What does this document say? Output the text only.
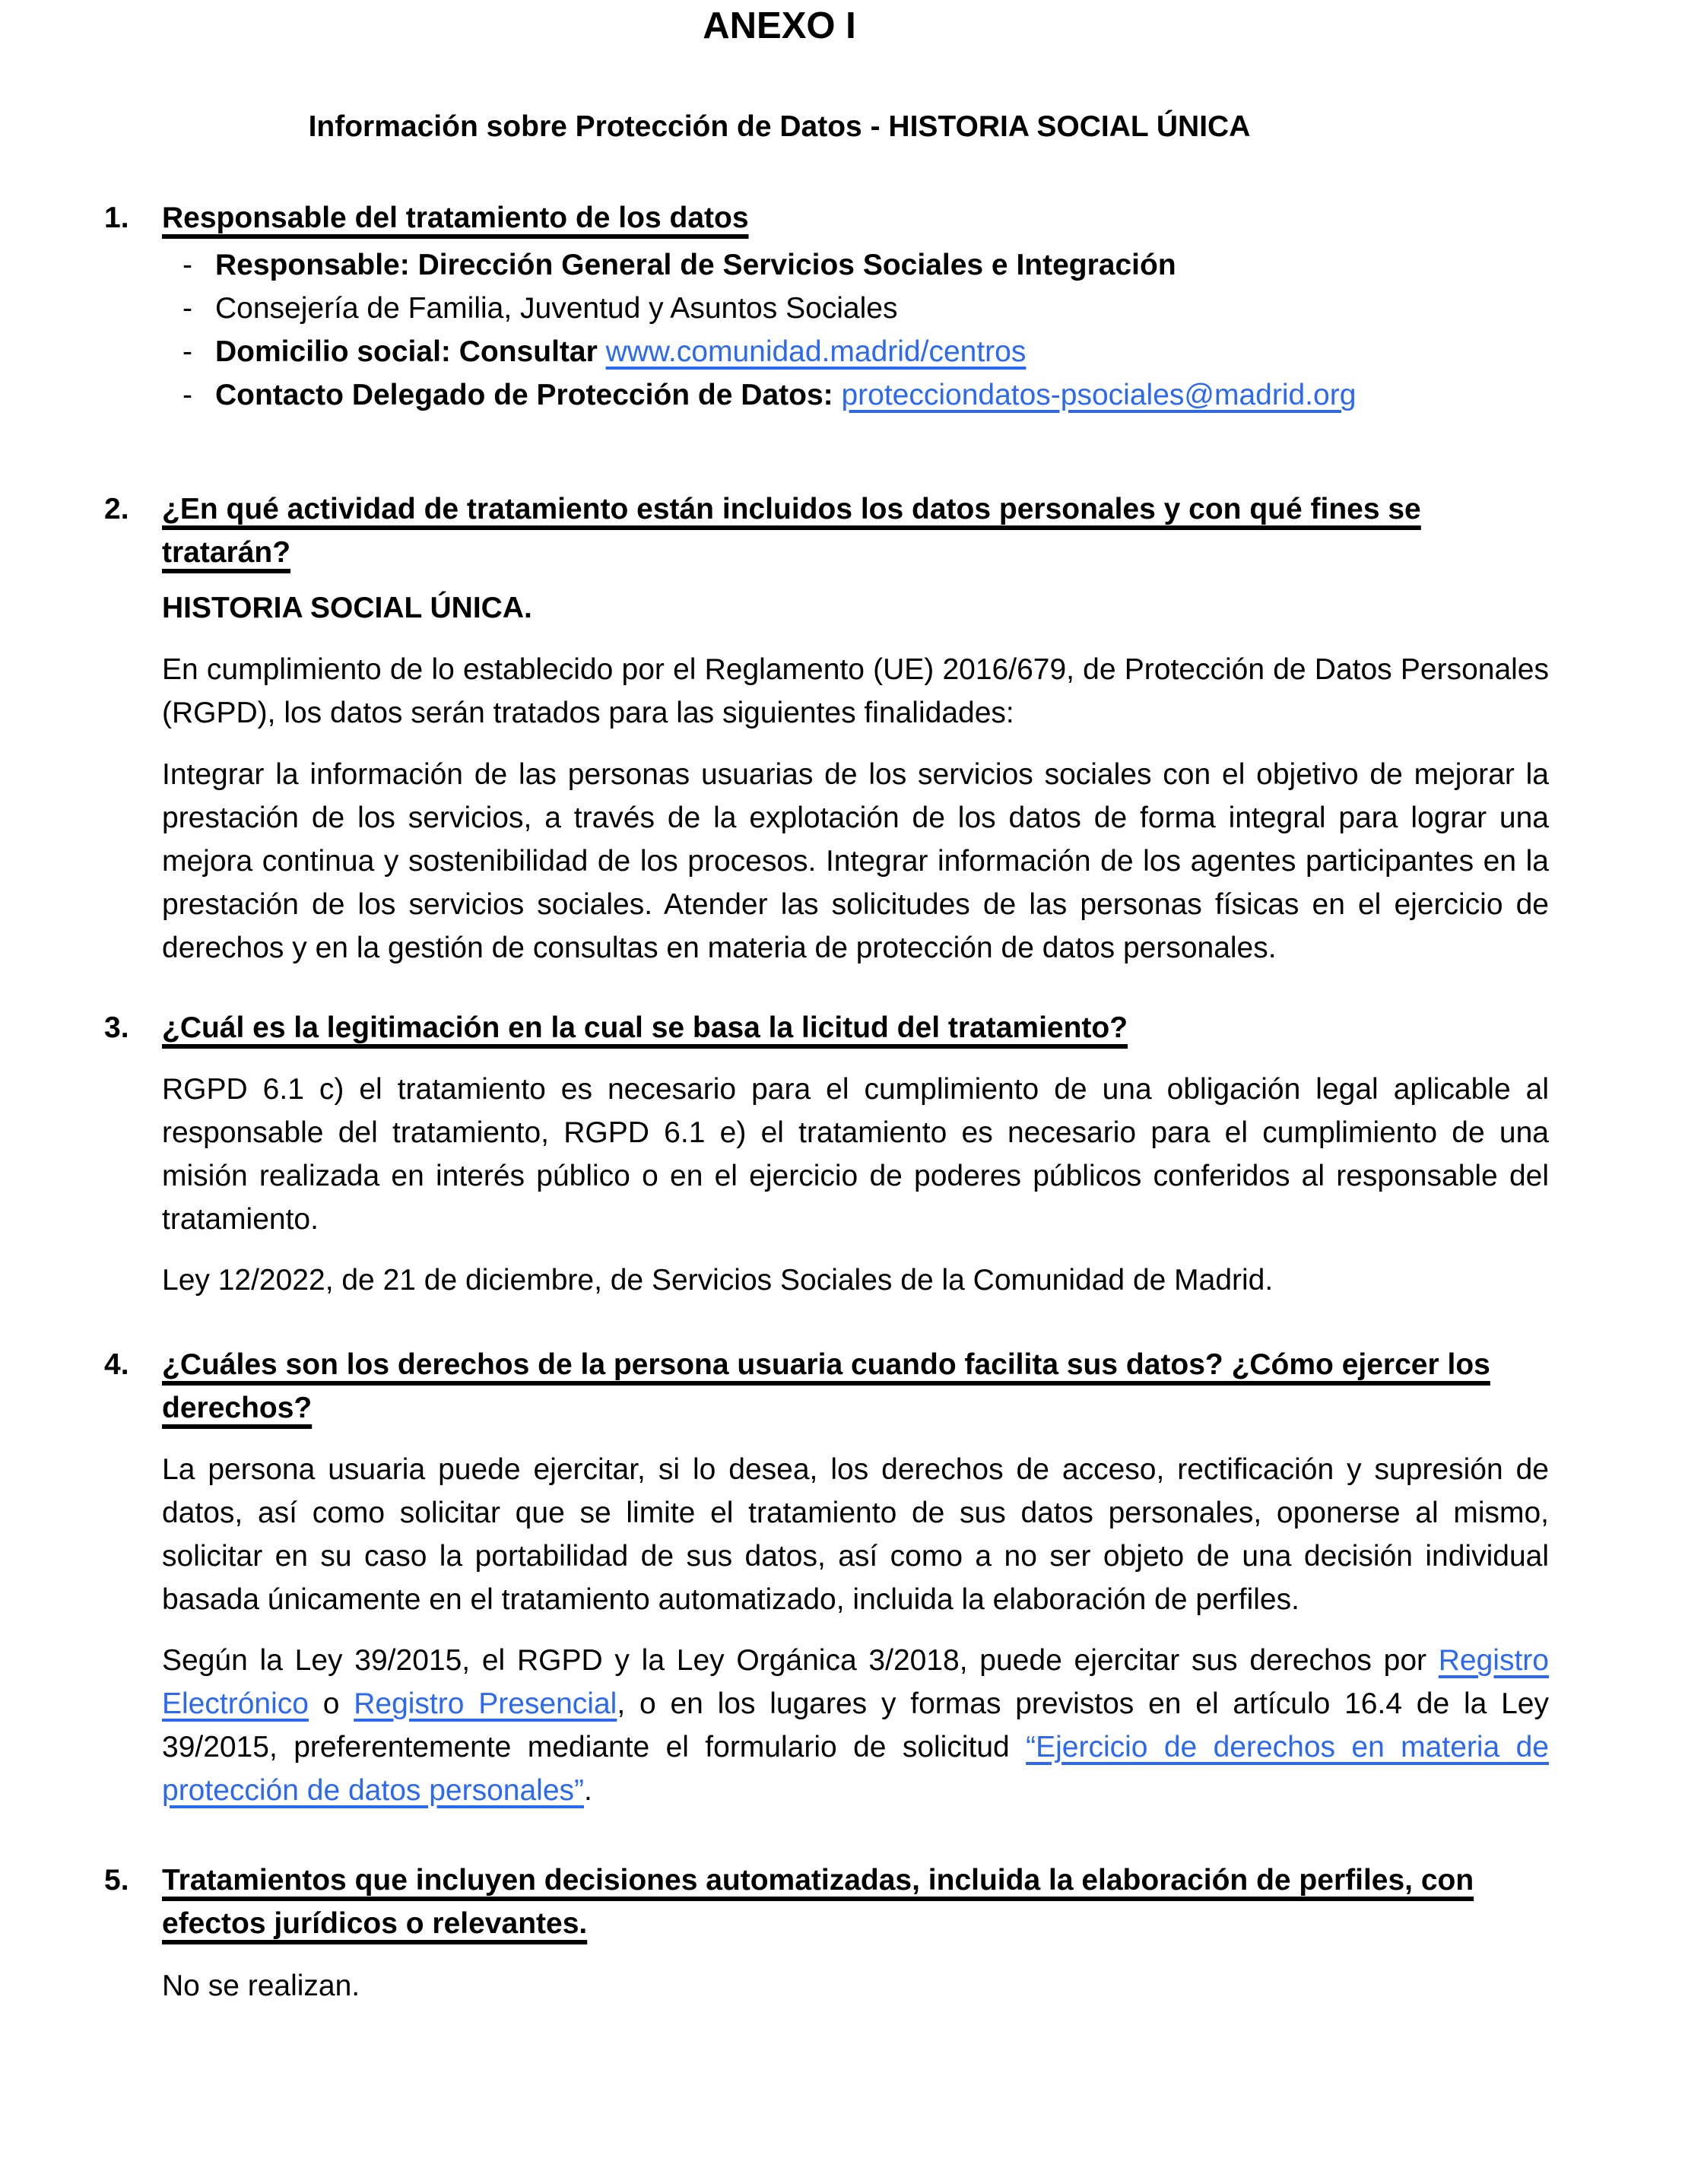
ANEXO I
Información sobre Protección de Datos - HISTORIA SOCIAL ÚNICA
1. Responsable del tratamiento de los datos
- Responsable: Dirección General de Servicios Sociales e Integración
- Consejería de Familia, Juventud y Asuntos Sociales
- Domicilio social: Consultar www.comunidad.madrid/centros
- Contacto Delegado de Protección de Datos: protecciondatos-psociales@madrid.org
2. ¿En qué actividad de tratamiento están incluidos los datos personales y con qué fines se tratarán?

HISTORIA SOCIAL ÚNICA.

En cumplimiento de lo establecido por el Reglamento (UE) 2016/679, de Protección de Datos Personales (RGPD), los datos serán tratados para las siguientes finalidades:

Integrar la información de las personas usuarias de los servicios sociales con el objetivo de mejorar la prestación de los servicios, a través de la explotación de los datos de forma integral para lograr una mejora continua y sostenibilidad de los procesos. Integrar información de los agentes participantes en la prestación de los servicios sociales. Atender las solicitudes de las personas físicas en el ejercicio de derechos y en la gestión de consultas en materia de protección de datos personales.

3. ¿Cuál es la legitimación en la cual se basa la licitud del tratamiento?

RGPD 6.1 c) el tratamiento es necesario para el cumplimiento de una obligación legal aplicable al responsable del tratamiento, RGPD 6.1 e) el tratamiento es necesario para el cumplimiento de una misión realizada en interés público o en el ejercicio de poderes públicos conferidos al responsable del tratamiento.

Ley 12/2022, de 21 de diciembre, de Servicios Sociales de la Comunidad de Madrid.

4. ¿Cuáles son los derechos de la persona usuaria cuando facilita sus datos? ¿Cómo ejercer los derechos?

La persona usuaria puede ejercitar, si lo desea, los derechos de acceso, rectificación y supresión de datos, así como solicitar que se limite el tratamiento de sus datos personales, oponerse al mismo, solicitar en su caso la portabilidad de sus datos, así como a no ser objeto de una decisión individual basada únicamente en el tratamiento automatizado, incluida la elaboración de perfiles.

Según la Ley 39/2015, el RGPD y la Ley Orgánica 3/2018, puede ejercitar sus derechos por Registro Electrónico o Registro Presencial, o en los lugares y formas previstos en el artículo 16.4 de la Ley 39/2015, preferentemente mediante el formulario de solicitud “Ejercicio de derechos en materia de protección de datos personales”.

5. Tratamientos que incluyen decisiones automatizadas, incluida la elaboración de perfiles, con efectos jurídicos o relevantes.

No se realizan.
